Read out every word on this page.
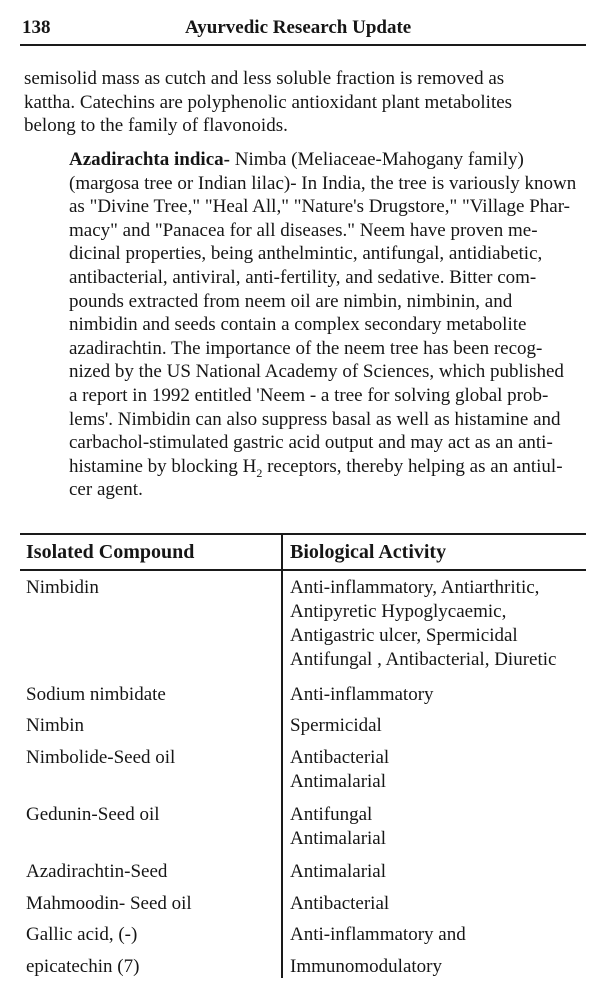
138	Ayurvedic Research Update

semisolid mass as cutch and less soluble fraction is removed as
kattha. Catechins are polyphenolic antioxidant plant metabolites
belong to the family of flavonoids.

Azadirachta indica- Nimba (Meliaceae-Mahogany family)
(margosa tree or Indian lilac)- In India, the tree is variously known
as "Divine Tree," "Heal All," "Nature's Drugstore," "Village Phar-
macy" and "Panacea for all diseases." Neem have proven me-
dicinal properties, being anthelmintic, antifungal, antidiabetic,
antibacterial, antiviral, anti-fertility, and sedative. Bitter com-
pounds extracted from neem oil are nimbin, nimbinin, and
nimbidin and seeds contain a complex secondary metabolite
azadirachtin. The importance of the neem tree has been recog-
nized by the US National Academy of Sciences, which published
a report in 1992 entitled 'Neem - a tree for solving global prob-
lems'. Nimbidin can also suppress basal as well as histamine and
carbachol-stimulated gastric acid output and may act as an anti-
histamine by blocking $H_2$ receptors, thereby helping as an antiul-
cer agent.

Isolated Compound	Biological Activity
Nimbidin	Anti-inflammatory, Antiarthritic,
Antipyretic Hypoglycaemic,
Antigastric ulcer, Spermicidal
Antifungal , Antibacterial, Diuretic
Sodium nimbidate	Anti-inflammatory
Nimbin	Spermicidal
Nimbolide-Seed oil	Antibacterial
Antimalarial
Gedunin-Seed oil	Antifungal
Antimalarial
Azadirachtin-Seed	Antimalarial
Mahmoodin- Seed oil	Antibacterial
Gallic acid, (-)	Anti-inflammatory and
epicatechin (7)	Immunomodulatory
